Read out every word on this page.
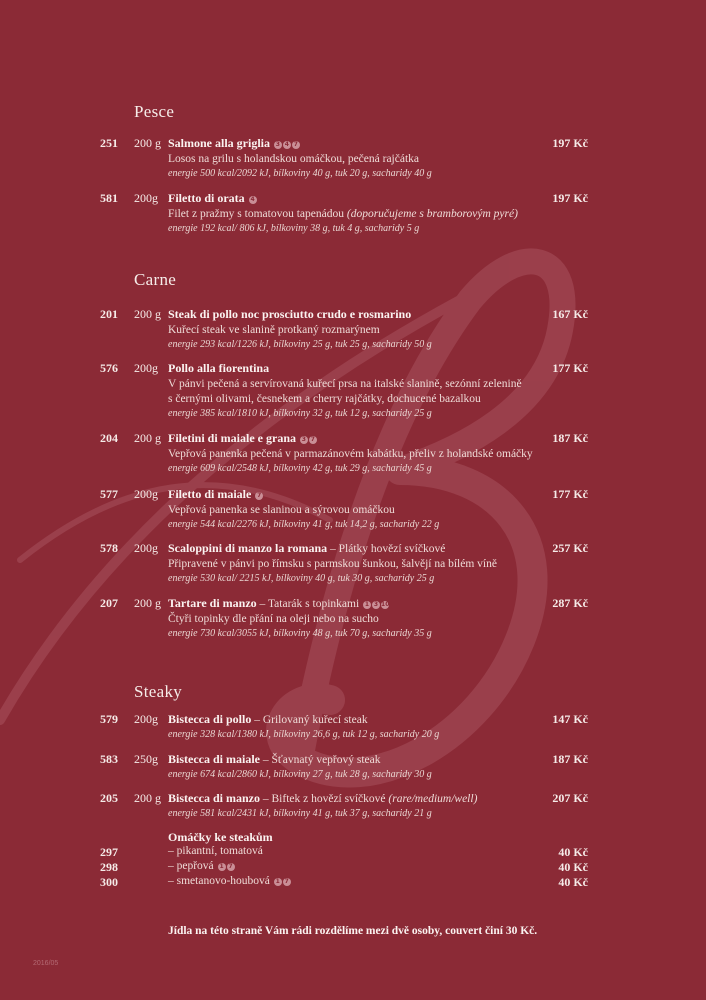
Pesce
251 200 g	197 Kč
Salmone alla griglia 3 4 7
Losos na grilu s holandskou omáčkou, pečená rajčátka
energie 500 kcal/2092 kJ, bílkoviny 40 g, tuk 20 g, sacharidy 40 g
581 200g	197 Kč
Filetto di orata 4
Filet z pražmy s tomatovou tapenádou (doporučujeme s bramborovým pyré)
energie 192 kcal/ 806 kJ, bílkoviny 38 g, tuk 4 g, sacharidy 5 g
Carne
201 200 g	167 Kč
Steak di pollo noc prosciutto crudo e rosmarino
Kuřecí steak ve slanině protkaný rozmarýnem
energie 293 kcal/1226 kJ, bílkoviny 25 g, tuk 25 g, sacharidy 50 g
576 200g	177 Kč
Pollo alla fiorentina
V pánvi pečená a servírovaná kuřecí prsa na italské slanině, sezónní zelenině
s černými olivami, česnekem a cherry rajčátky, dochucené bazalkou
energie 385 kcal/1810 kJ, bílkoviny 32 g, tuk 12 g, sacharidy 25 g
204 200 g	187 Kč
Filetini di maiale e grana 3 7
Vepřová panenka pečená v parmazánovém kabátku, přeliv z holandské omáčky
energie 609 kcal/2548 kJ, bílkoviny 42 g, tuk 29 g, sacharidy 45 g
577 200g	177 Kč
Filetto di maiale 7
Vepřová panenka se slaninou a sýrovou omáčkou
energie 544 kcal/2276 kJ, bílkoviny 41 g, tuk 14,2 g, sacharidy 22 g
578 200g	257 Kč
Scaloppini di manzo la romana – Plátky hovězí svíčkové
Připravené v pánvi po římsku s parmskou šunkou, šalvějí na bílém víně
energie 530 kcal/ 2215 kJ, bílkoviny 40 g, tuk 30 g, sacharidy 25 g
207 200 g	287 Kč
Tartare di manzo – Tatarák s topinkami 1 3 10
Čtyři topinky dle přání na oleji nebo na sucho
energie 730 kcal/3055 kJ, bílkoviny 48 g, tuk 70 g, sacharidy 35 g
Steaky
579 200g	147 Kč
Bistecca di pollo – Grilovaný kuřecí steak
energie 328 kcal/1380 kJ, bílkoviny 26,6 g, tuk 12 g, sacharidy 20 g
583 250g	187 Kč
Bistecca di maiale – Šťavnatý vepřový steak
energie 674 kcal/2860 kJ, bílkoviny 27 g, tuk 28 g, sacharidy 30 g
205 200 g	207 Kč
Bistecca di manzo – Biftek z hovězí svíčkové (rare/medium/well)
energie 581 kcal/2431 kJ, bílkoviny 41 g, tuk 37 g, sacharidy 21 g
Omáčky ke steakům
297	– pikantní, tomatová	40 Kč
298	– pepřová 1 7	40 Kč
300	– smetanovo-houbová 1 7	40 Kč
Jídla na této straně Vám rádi rozdělíme mezi dvě osoby, couvert činí 30 Kč.
2016/05
